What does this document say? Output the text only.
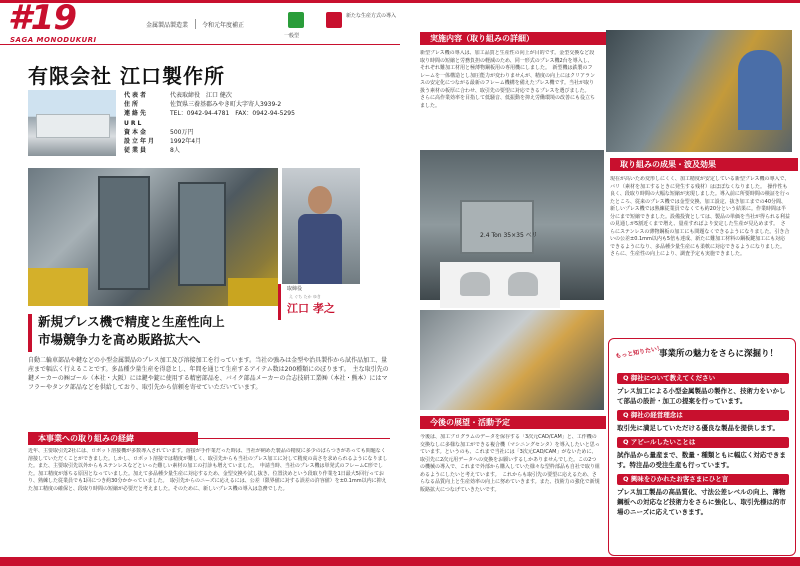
#19
SAGA MONODUKURI
金属製品製造業 令和元年度補正
一般型
新たな生産方式の導入
有限会社 江口製作所
代表者	代表取締役　江口 健次
住所	佐賀県三養基郡みやき町大字寄人3939-2
連絡先	TEL：0942-94-4781　FAX：0942-94-5295
URL
資本金	500万円
設立年月	1992年4月
従業員	8人
取締役
え ぐち たか ゆき
江口 孝之
新規プレス機で精度と生産性向上
市場競争力を高め販路拡大へ
自動二輪車部品や鍵などの小型金属製品のプレス加工及び溶接加工を行っています。当社の強みは金型や治具製作から試作品加工、量産まで幅広く行えることです。多品種少量生産を得意とし、年間を通じて生産するアイテム数は200種類にのぼります。　主な取引先の鍵メーカーの㈱ゴール（本社・大阪）には鍵や錠に使用する精密部品を、バイク部品メーカーの合志技研工業㈱（本社・熊本）にはマフラーやタンク部品などを供給しており、取引先から信頼を寄せていただいています。
本事業への取り組みの経緯
近年、主要取引先2社には、ロボット溶接機が多数導入されています。溶接が手作業だった時は、当社が納めた製品の精度に多少のばらつきがあっても問題なく溶接していただくことができました。しかし、ロボット溶接では精度が難しく、取引先からも当社のプレス加工に対して精度の高さを求められるようになりました。また、主要取引先以外からもステンレスなどといった難しい素材の加工の打診も増えていました。　申請当時、当社のプレス機は単発式のフレームC形でした。加工精度が落ちる原因となっていました。加えて多品種少量生産に対応するため、金型交換や試し抜き、位置決めという段取り作業を1日最大5回行っており、熟練した従業員でも1回につき約30分かかっていました。　取引先からのニーズに応えるには、公差（限界値に対する誤差の許容値）を±0.1mm以内に抑えた加工精度の確保と、段取り時間の短縮が必要だと考えました。そのために、新しいプレス機の導入は急務でした。
実施内容（取り組みの詳細）
新型プレス機の導入は、加工品質と生産性の向上が目的です。金型交換など段取り時間の短縮と労務負担の軽減のため、同一形式のプレス機2台を導入し、それぞれ難加工材用と極薄物鋼板用の専用機にしました。　新型機は鉄製のフレームを一体構造とし加圧能力が変わりませんが、精度の向上にはクリアランスの安定化につながる最新のフレーム機構を備えたプレス機です。当社が取り扱う素材の板厚に合わせ、取引先の要望に対応できるプレスを選びました。　さらに高作業効率を目指して低騒音、低振動を抑え労働環境の改善にも役立ちました。
2.4 Ton 35×35 ベリ
取り組みの成果・波及効果
現在が高いため変形しにくく、加工精度が安定している新型プレス機の導入で、バリ（素材を加工するときに発生する残材）はほぼなくなりました。　操作性も良く、段取り時間の大幅な短縮が実現しました。導入前に所要時間の検証を行ったところ、従来のプレス機では金型交換、加工設定、抜き加工までの40分間、新しいプレス機では熟練従業員でなくても約20分という結果に。作業時間は半分にまで短縮できました。設備投資としては、製品の単価を当社が得られる利益の見通しが5割近くまで増え、量産すればより安定した生産が見込めます。　さらにステンレスの薄物鋼板の加工にも問題なくできるようになりました。引き合いの公差±0.1mm以内も5倍も達成、新たに難加工材料の鋼板鍵加工にも対応できるようになり、多品種少量生産にも柔軟に対応できるようになりました。　さらに、生産性の向上により、調査予定も実施できました。
今後の展望・活動予定
今後は、加工プログラムのデータを保存する「3次元CAD/CAM」と、工作機の交換なしに多様な加工ができる複合機（マシニングセンタ）を導入したいと思っています。というのも、これまで当社には「3次元CAD/CAM」がないために、取引先に2次元用データへの変換をお願いするしかありませんでした。この2つの機械の導入で、これまで外部から購入していた様々な型枠部品も自社で取り組めるようにしたいと考えています。　これからも取引先の要望に応えるため、さらなる品質向上と生産効率の向上に努めていきます。また、技術力の強化で新規販路拡大につなげていきたいです。
もっと知りたい！
事業所の魅力をさらに深掘り！
Q 御社について教えてください
プレス加工による小型金属製品の製作と、技術力をいかして部品の設計・加工の提案を行っています。
Q 御社の経営理念は
取引先に満足していただける優良な製品を提供します。
Q アピールしたいことは
試作品から量産まで、数量・種類ともに幅広く対応できます。特注品の受注生産も行っています。
Q 興味をひかれたお客さまにひと言
プレス加工製品の高品質化、寸法公差レベルの向上、薄物鋼板への対応など技術力をさらに強化し、取引先様は的市場のニーズに応えていきます。
